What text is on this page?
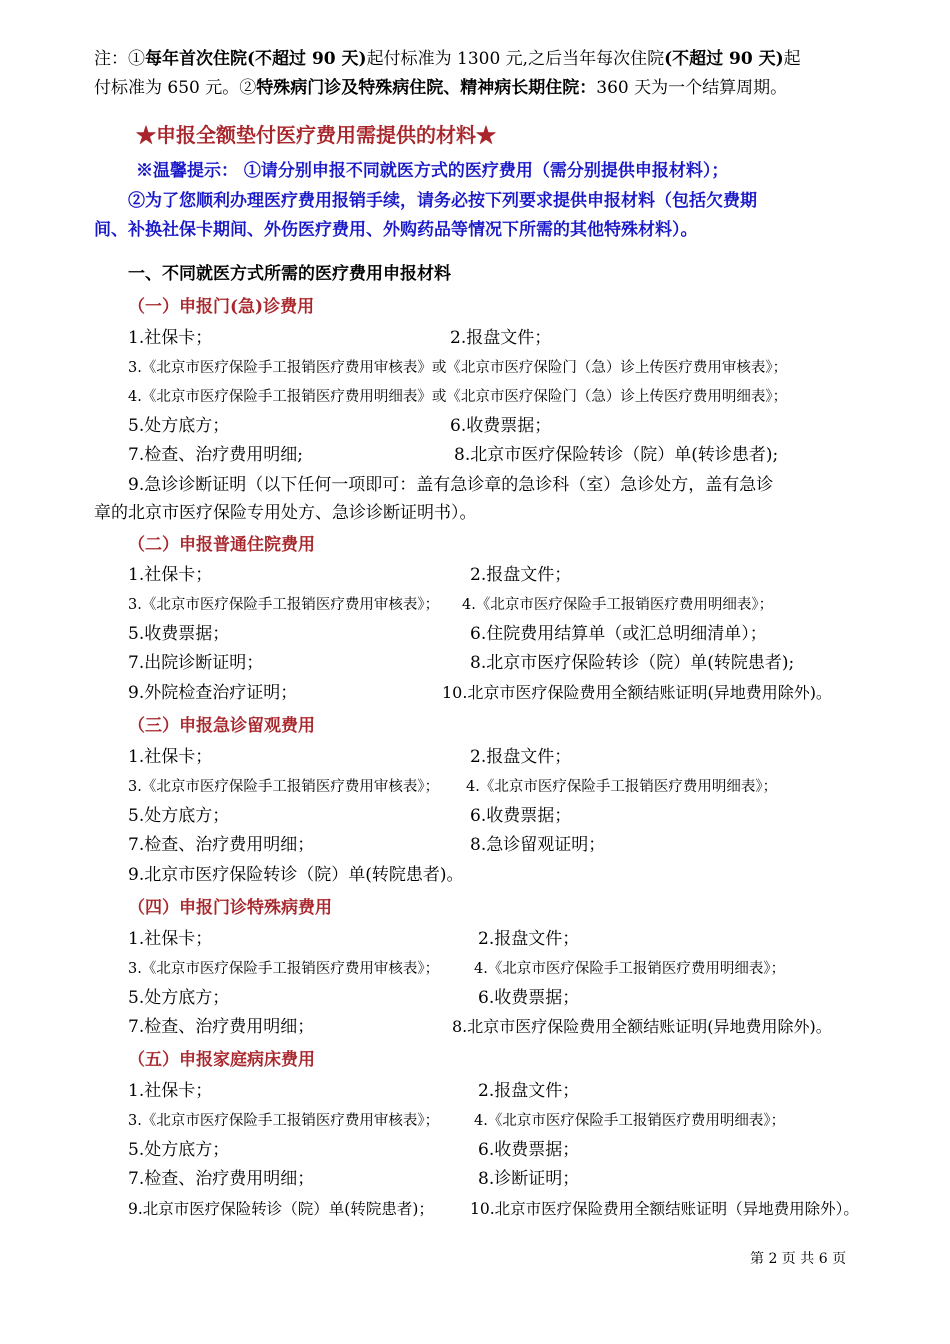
注：①每年首次住院(不超过 90 天)起付标准为 1300 元,之后当年每次住院(不超过 90 天)起
付标准为 650 元。②特殊病门诊及特殊病住院、精神病长期住院：360 天为一个结算周期。
★申报全额垫付医疗费用需提供的材料★
※温馨提示： ①请分别申报不同就医方式的医疗费用（需分别提供申报材料）；
②为了您顺利办理医疗费用报销手续，请务必按下列要求提供申报材料（包括欠费期
间、补换社保卡期间、外伤医疗费用、外购药品等情况下所需的其他特殊材料）。
一、不同就医方式所需的医疗费用申报材料
（一）申报门(急)诊费用
1.社保卡；	2.报盘文件；
3.《北京市医疗保险手工报销医疗费用审核表》或《北京市医疗保险门（急）诊上传医疗费用审核表》；
4.《北京市医疗保险手工报销医疗费用明细表》或《北京市医疗保险门（急）诊上传医疗费用明细表》；
5.处方底方；	6.收费票据；
7.检查、治疗费用明细;	8.北京市医疗保险转诊（院）单(转诊患者);
9.急诊诊断证明（以下任何一项即可：盖有急诊章的急诊科（室）急诊处方，盖有急诊
章的北京市医疗保险专用处方、急诊诊断证明书）。
（二）申报普通住院费用
1.社保卡；	2.报盘文件；
3.《北京市医疗保险手工报销医疗费用审核表》； 4.《北京市医疗保险手工报销医疗费用明细表》；
5.收费票据；	6.住院费用结算单（或汇总明细清单）；
7.出院诊断证明；	8.北京市医疗保险转诊（院）单(转院患者);
9.外院检查治疗证明；	10.北京市医疗保险费用全额结账证明(异地费用除外)。
（三）申报急诊留观费用
1.社保卡；	2.报盘文件；
3.《北京市医疗保险手工报销医疗费用审核表》； 4.《北京市医疗保险手工报销医疗费用明细表》；
5.处方底方；	6.收费票据；
7.检查、治疗费用明细；	8.急诊留观证明；
9.北京市医疗保险转诊（院）单(转院患者)。
（四）申报门诊特殊病费用
1.社保卡；	2.报盘文件；
3.《北京市医疗保险手工报销医疗费用审核表》； 4.《北京市医疗保险手工报销医疗费用明细表》；
5.处方底方；	6.收费票据；
7.检查、治疗费用明细；	8.北京市医疗保险费用全额结账证明(异地费用除外)。
（五）申报家庭病床费用
1.社保卡；	2.报盘文件；
3.《北京市医疗保险手工报销医疗费用审核表》； 4.《北京市医疗保险手工报销医疗费用明细表》；
5.处方底方；	6.收费票据；
7.检查、治疗费用明细；	8.诊断证明；
9.北京市医疗保险转诊（院）单(转院患者)； 10.北京市医疗保险费用全额结账证明（异地费用除外）。
第 2 页 共 6 页
